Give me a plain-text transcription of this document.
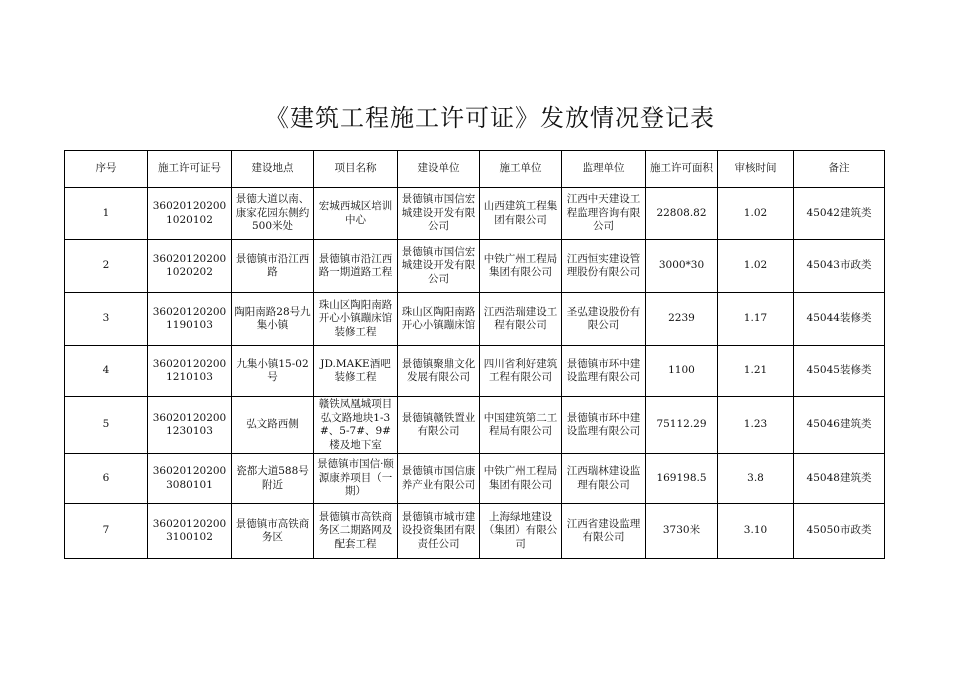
《建筑工程施工许可证》发放情况登记表
序号	施工许可证号	建设地点	项目名称	建设单位	施工单位	监理单位	施工许可面积	审核时间	备注
1	360201202001020102	景德大道以南、康家花园东侧约500米处	宏城西城区培训中心	景德镇市国信宏城建设开发有限公司	山西建筑工程集团有限公司	江西中天建设工程监理咨询有限公司	22808.82	1.02	45042建筑类
2	360201202001020202	景德镇市沿江西路	景德镇市沿江西路一期道路工程	景德镇市国信宏城建设开发有限公司	中铁广州工程局集团有限公司	江西恒实建设管理股份有限公司	3000*30	1.02	45043市政类
3	360201202001190103	陶阳南路28号九集小镇	珠山区陶阳南路开心小镇蹦床馆装修工程	珠山区陶阳南路开心小镇蹦床馆	江西浩瑞建设工程有限公司	圣弘建设股份有限公司	2239	1.17	45044装修类
4	360201202001210103	九集小镇15-02号	JD.MAKE酒吧装修工程	景德镇聚鼎文化发展有限公司	四川省利好建筑工程有限公司	景德镇市环中建设监理有限公司	1100	1.21	45045装修类
5	360201202001230103	弘文路西侧	赣铁凤凰城项目弘文路地块1-3#、5-7#、9#楼及地下室	景德镇赣铁置业有限公司	中国建筑第二工程局有限公司	景德镇市环中建设监理有限公司	75112.29	1.23	45046建筑类
6	360201202003080101	瓷都大道588号附近	景德镇市国信·颐源康养项目（一期）	景德镇市国信康养产业有限公司	中铁广州工程局集团有限公司	江西瑞林建设监理有限公司	169198.5	3.8	45048建筑类
7	360201202003100102	景德镇市高铁商务区	景德镇市高铁商务区二期路网及配套工程	景德镇市城市建设投资集团有限责任公司	上海绿地建设（集团）有限公司	江西省建设监理有限公司	3730米	3.10	45050市政类
